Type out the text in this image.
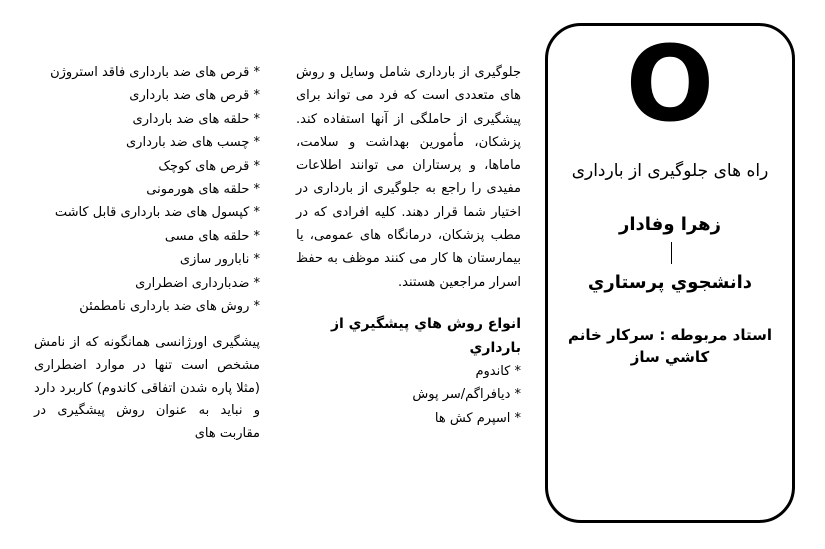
O
راه های جلوگیری از بارداری
زهرا وفادار
دانشجوي پرستاري
استاد مربوطه : سرکار خانم کاشي ساز

جلوگیری از بارداری شامل وسایل و روش های متعددی است که فرد می تواند برای پیشگیری از حاملگی از آنها استفاده کند. پزشکان، مأمورین بهداشت و سلامت، ماماها، و پرستاران می توانند اطلاعات مفیدی را راجع به جلوگیری از بارداری در اختیار شما قرار دهند. کلیه افرادی که در مطب پزشکان، درمانگاه های عمومی، یا بیمارستان ها کار می کنند موظف به حفظ اسرار مراجعین هستند.

انواع روش هاي پيشگيري از بارداري
* کاندوم
* دیافراگم/سر پوش
* اسپرم کش ها
* قرص های ضد بارداری فاقد استروژن
* قرص های ضد بارداری
* حلقه های ضد بارداری
* چسب های ضد بارداری
* قرص های کوچک
* حلقه های هورمونی
* کپسول های ضد بارداری قابل کاشت
* حلقه های مسی
* نابارور سازی
* ضدبارداری اضطراری
* روش های ضد بارداری نامطمئن

پیشگیری اورژانسی همانگونه که از نامش مشخص است تنها در موارد اضطراری (مثلا پاره شدن اتفاقی کاندوم) کاربرد دارد و نباید به عنوان روش پیشگیری در مقاربت های
